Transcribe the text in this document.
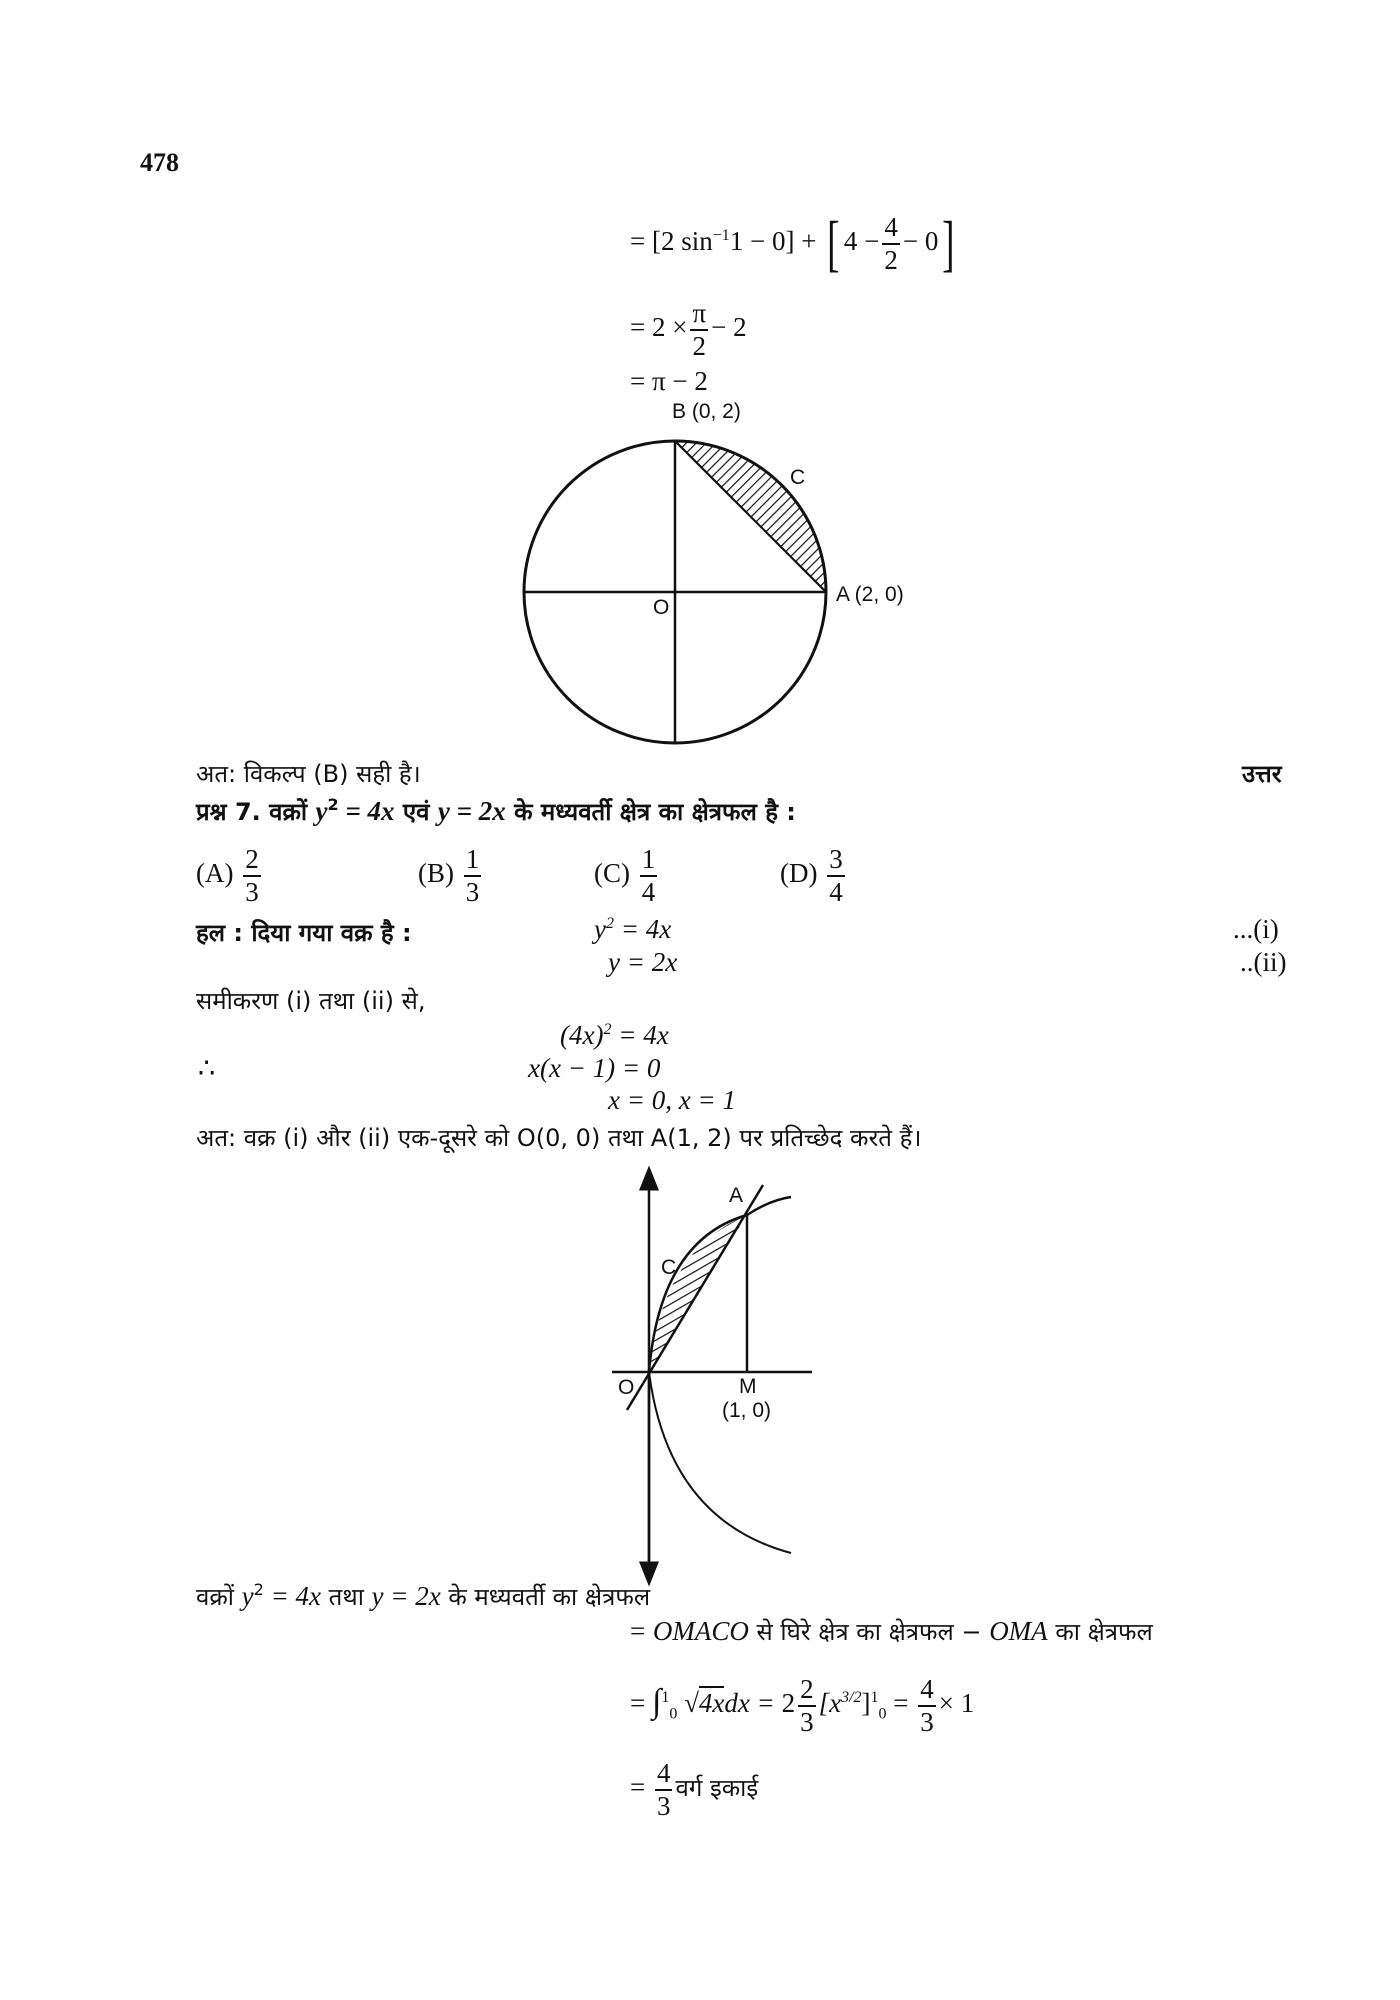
478
= [2 $\sin^{-1}1 - 0$] + [ $4 - \frac{4}{2} - 0$]
= $2 \times \frac{\pi}{2} - 2$
= π − 2
B (0, 2)
C
A (2, 0)
O
अत: विकल्प (B) सही है।	उत्तर
प्रश्न 7. वक्रों $y^2 = 4x$ एवं y = 2x के मध्यवर्ती क्षेत्र का क्षेत्रफल है :
$(A) \frac{2}{3}$	$(B) \frac{1}{3}$	$(C) \frac{1}{4}$	$(D) \frac{3}{4}$
हल : दिया गया वक्र है :	$y^2 = 4x$	...(i)
y = 2x	..(ii)
समीकरण (i) तथा (ii) से,
$(4x)^2 = 4x$
∴	x(x − 1) = 0
x = 0, x = 1
अत: वक्र (i) और (ii) एक-दूसरे को O(0, 0) तथा A(1, 2) पर प्रतिच्छेद करते हैं।
A
C
O	M
(1, 0)
वक्रों $y^2 = 4x$ तथा y = 2x के मध्यवर्ती का क्षेत्रफल
= OMACO से घिरे क्षेत्र का क्षेत्रफल − OMA का क्षेत्रफल
= ∫$^1_0$ $√4xdx = 2 \frac{2}{3} [x^{3/2}]^1_0 = \frac{4}{3} \times 1$
= $\frac{4}{3}$ वर्ग इकाई
